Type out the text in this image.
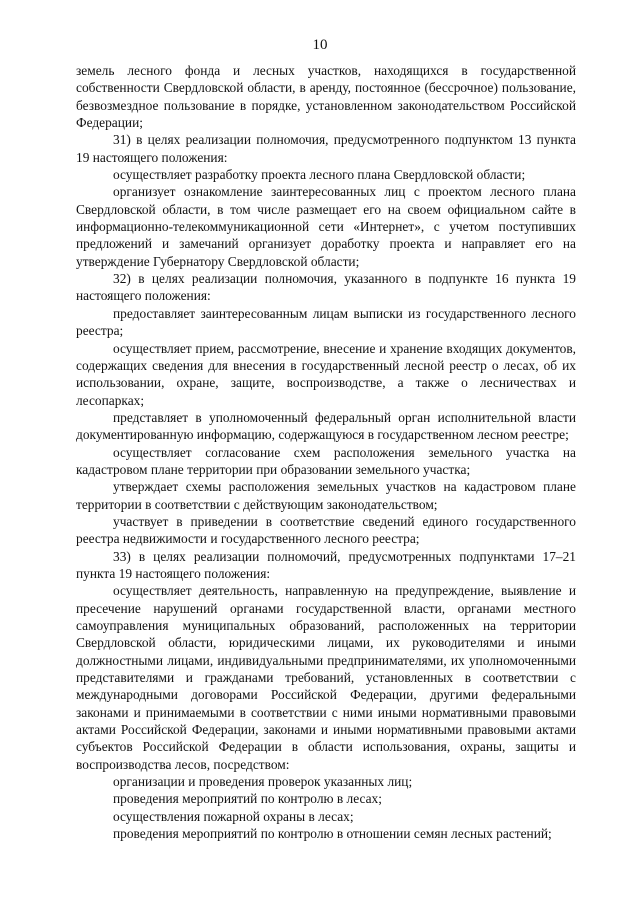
10

земель лесного фонда и лесных участков, находящихся в государственной собственности Свердловской области, в аренду, постоянное (бессрочное) пользование, безвозмездное пользование в порядке, установленном законодательством Российской Федерации;

31) в целях реализации полномочия, предусмотренного подпунктом 13 пункта 19 настоящего положения:

осуществляет разработку проекта лесного плана Свердловской области;

организует ознакомление заинтересованных лиц с проектом лесного плана Свердловской области, в том числе размещает его на своем официальном сайте в информационно-телекоммуникационной сети «Интернет», с учетом поступивших предложений и замечаний организует доработку проекта и направляет его на утверждение Губернатору Свердловской области;

32) в целях реализации полномочия, указанного в подпункте 16 пункта 19 настоящего положения:

предоставляет заинтересованным лицам выписки из государственного лесного реестра;

осуществляет прием, рассмотрение, внесение и хранение входящих документов, содержащих сведения для внесения в государственный лесной реестр о лесах, об их использовании, охране, защите, воспроизводстве, а также о лесничествах и лесопарках;

представляет в уполномоченный федеральный орган исполнительной власти документированную информацию, содержащуюся в государственном лесном реестре;

осуществляет согласование схем расположения земельного участка на кадастровом плане территории при образовании земельного участка;

утверждает схемы расположения земельных участков на кадастровом плане территории в соответствии с действующим законодательством;

участвует в приведении в соответствие сведений единого государственного реестра недвижимости и государственного лесного реестра;

33) в целях реализации полномочий, предусмотренных подпунктами 17–21 пункта 19 настоящего положения:

осуществляет деятельность, направленную на предупреждение, выявление и пресечение нарушений органами государственной власти, органами местного самоуправления муниципальных образований, расположенных на территории Свердловской области, юридическими лицами, их руководителями и иными должностными лицами, индивидуальными предпринимателями, их уполномоченными представителями и гражданами требований, установленных в соответствии с международными договорами Российской Федерации, другими федеральными законами и принимаемыми в соответствии с ними иными нормативными правовыми актами Российской Федерации, законами и иными нормативными правовыми актами субъектов Российской Федерации в области использования, охраны, защиты и воспроизводства лесов, посредством:

организации и проведения проверок указанных лиц;

проведения мероприятий по контролю в лесах;

осуществления пожарной охраны в лесах;

проведения мероприятий по контролю в отношении семян лесных растений;
